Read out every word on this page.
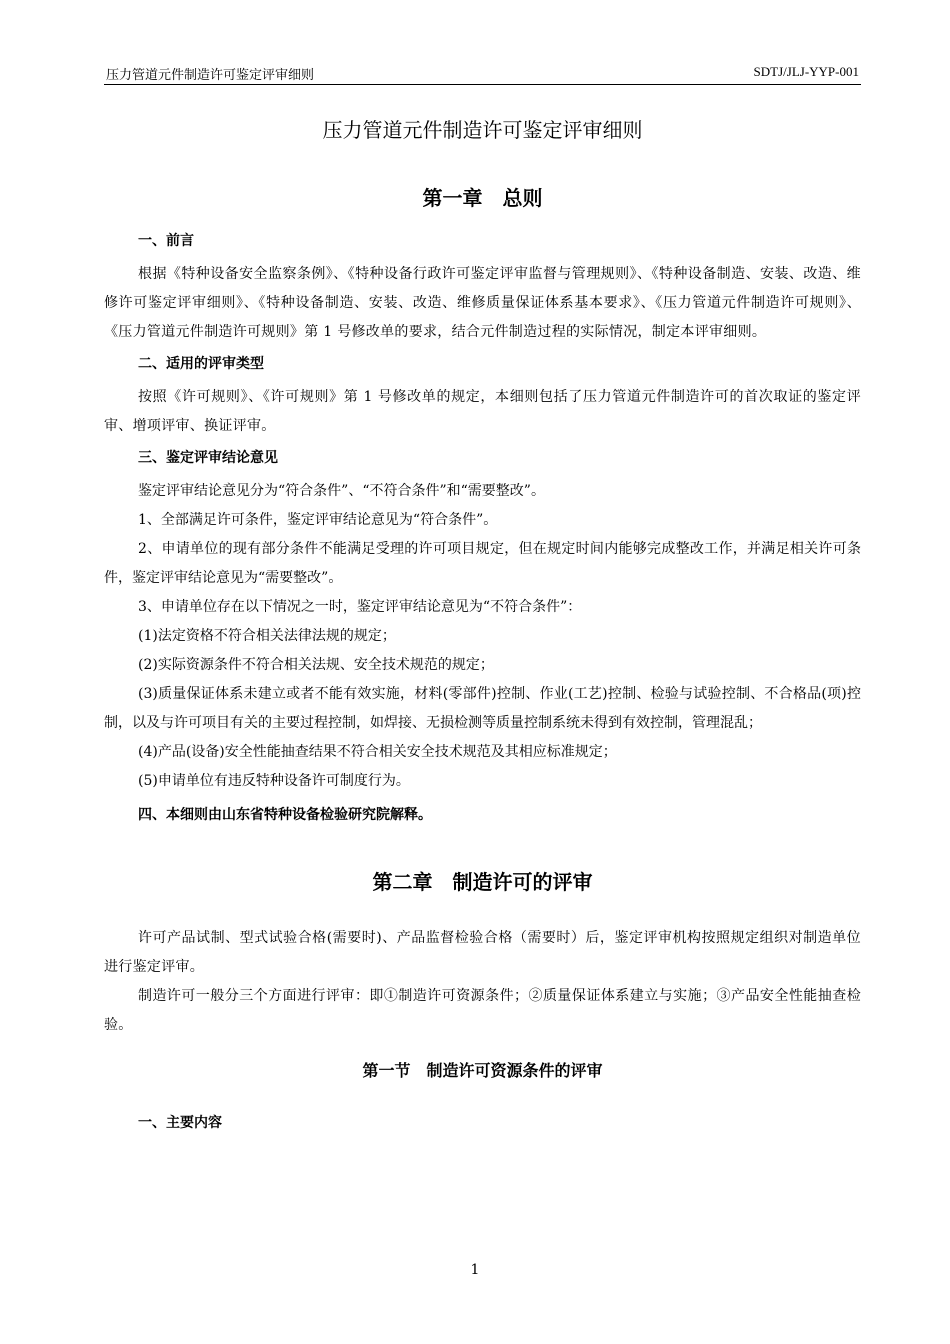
压力管道元件制造许可鉴定评审细则	SDTJ/JLJ-YYP-001
压力管道元件制造许可鉴定评审细则
第一章　总则
一、前言

根据《特种设备安全监察条例》、《特种设备行政许可鉴定评审监督与管理规则》、《特种设备制造、安装、改造、维修许可鉴定评审细则》、《特种设备制造、安装、改造、维修质量保证体系基本要求》、《压力管道元件制造许可规则》、《压力管道元件制造许可规则》第 1 号修改单的要求，结合元件制造过程的实际情况，制定本评审细则。

二、适用的评审类型

按照《许可规则》、《许可规则》第 1 号修改单的规定，本细则包括了压力管道元件制造许可的首次取证的鉴定评审、增项评审、换证评审。

三、鉴定评审结论意见

鉴定评审结论意见分为“符合条件”、“不符合条件”和“需要整改”。

1、全部满足许可条件，鉴定评审结论意见为“符合条件”。

2、申请单位的现有部分条件不能满足受理的许可项目规定，但在规定时间内能够完成整改工作，并满足相关许可条件，鉴定评审结论意见为“需要整改”。

3、申请单位存在以下情况之一时，鉴定评审结论意见为“不符合条件”：

(1)法定资格不符合相关法律法规的规定；

(2)实际资源条件不符合相关法规、安全技术规范的规定；

(3)质量保证体系未建立或者不能有效实施，材料(零部件)控制、作业(工艺)控制、检验与试验控制、不合格品(项)控制，以及与许可项目有关的主要过程控制，如焊接、无损检测等质量控制系统未得到有效控制，管理混乱；

(4)产品(设备)安全性能抽查结果不符合相关安全技术规范及其相应标准规定；

(5)申请单位有违反特种设备许可制度行为。

四、本细则由山东省特种设备检验研究院解释。
第二章　制造许可的评审

许可产品试制、型式试验合格(需要时)、产品监督检验合格（需要时）后，鉴定评审机构按照规定组织对制造单位进行鉴定评审。

制造许可一般分三个方面进行评审：即①制造许可资源条件；②质量保证体系建立与实施；③产品安全性能抽查检验。

第一节　制造许可资源条件的评审
一、主要内容
1
